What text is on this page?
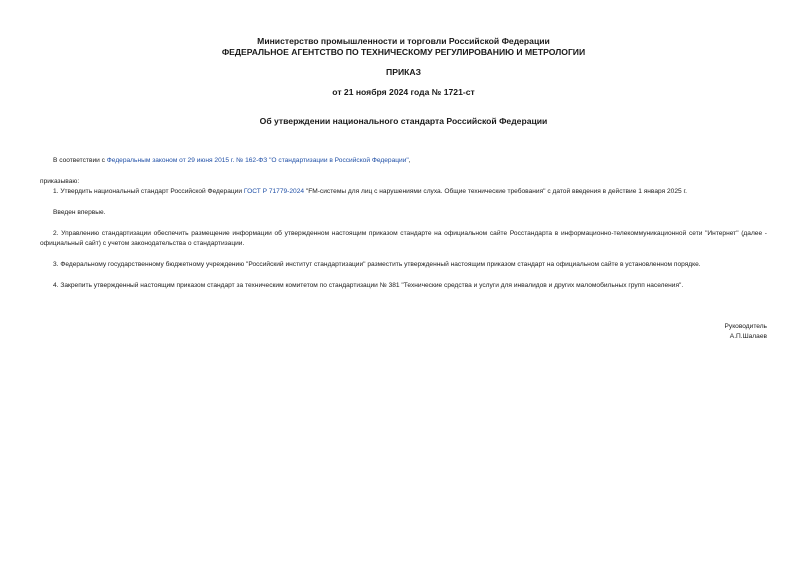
Министерство промышленности и торговли Российской Федерации
ФЕДЕРАЛЬНОЕ АГЕНТСТВО ПО ТЕХНИЧЕСКОМУ РЕГУЛИРОВАНИЮ И МЕТРОЛОГИИ
ПРИКАЗ
от 21 ноября 2024 года № 1721-ст
Об утверждении национального стандарта Российской Федерации
В соответствии с Федеральным законом от 29 июня 2015 г. № 162-ФЗ "О стандартизации в Российской Федерации",
приказываю:
1. Утвердить национальный стандарт Российской Федерации ГОСТ Р 71779-2024 "FM-системы для лиц с нарушениями слуха. Общие технические требования" с датой введения в действие 1 января 2025 г.
Введен впервые.
2. Управлению стандартизации обеспечить размещение информации об утвержденном настоящим приказом стандарте на официальном сайте Росстандарта в информационно-телекоммуникационной сети "Интернет" (далее - официальный сайт) с учетом законодательства о стандартизации.
3. Федеральному государственному бюджетному учреждению "Российский институт стандартизации" разместить утвержденный настоящим приказом стандарт на официальном сайте в установленном порядке.
4. Закрепить утвержденный настоящим приказом стандарт за техническим комитетом по стандартизации № 381 "Технические средства и услуги для инвалидов и других маломобильных групп населения".
Руководитель
А.П.Шалаев
